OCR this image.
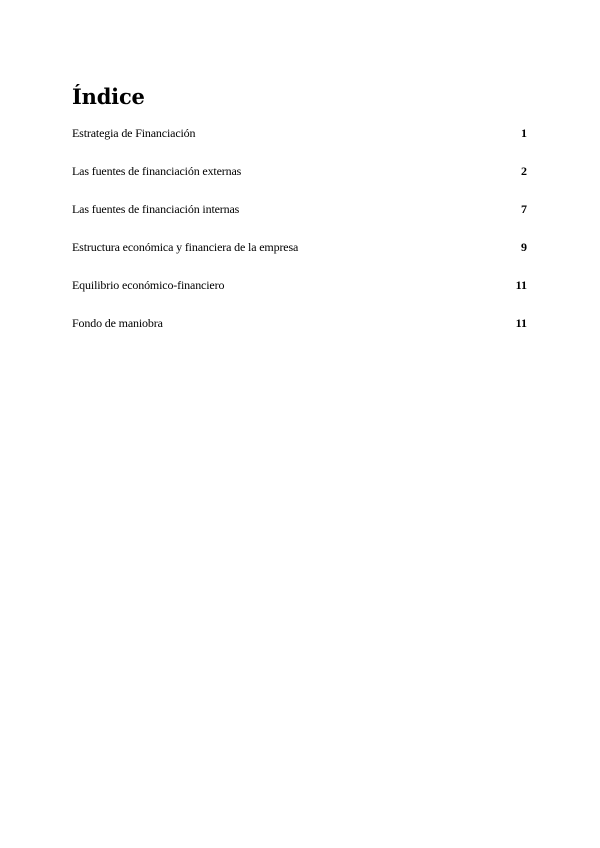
Índice
Estrategia de Financiación	1
Las fuentes de financiación externas	2
Las fuentes de financiación internas	7
Estructura económica y financiera de la empresa	9
Equilibrio económico-financiero	11
Fondo de maniobra	11
